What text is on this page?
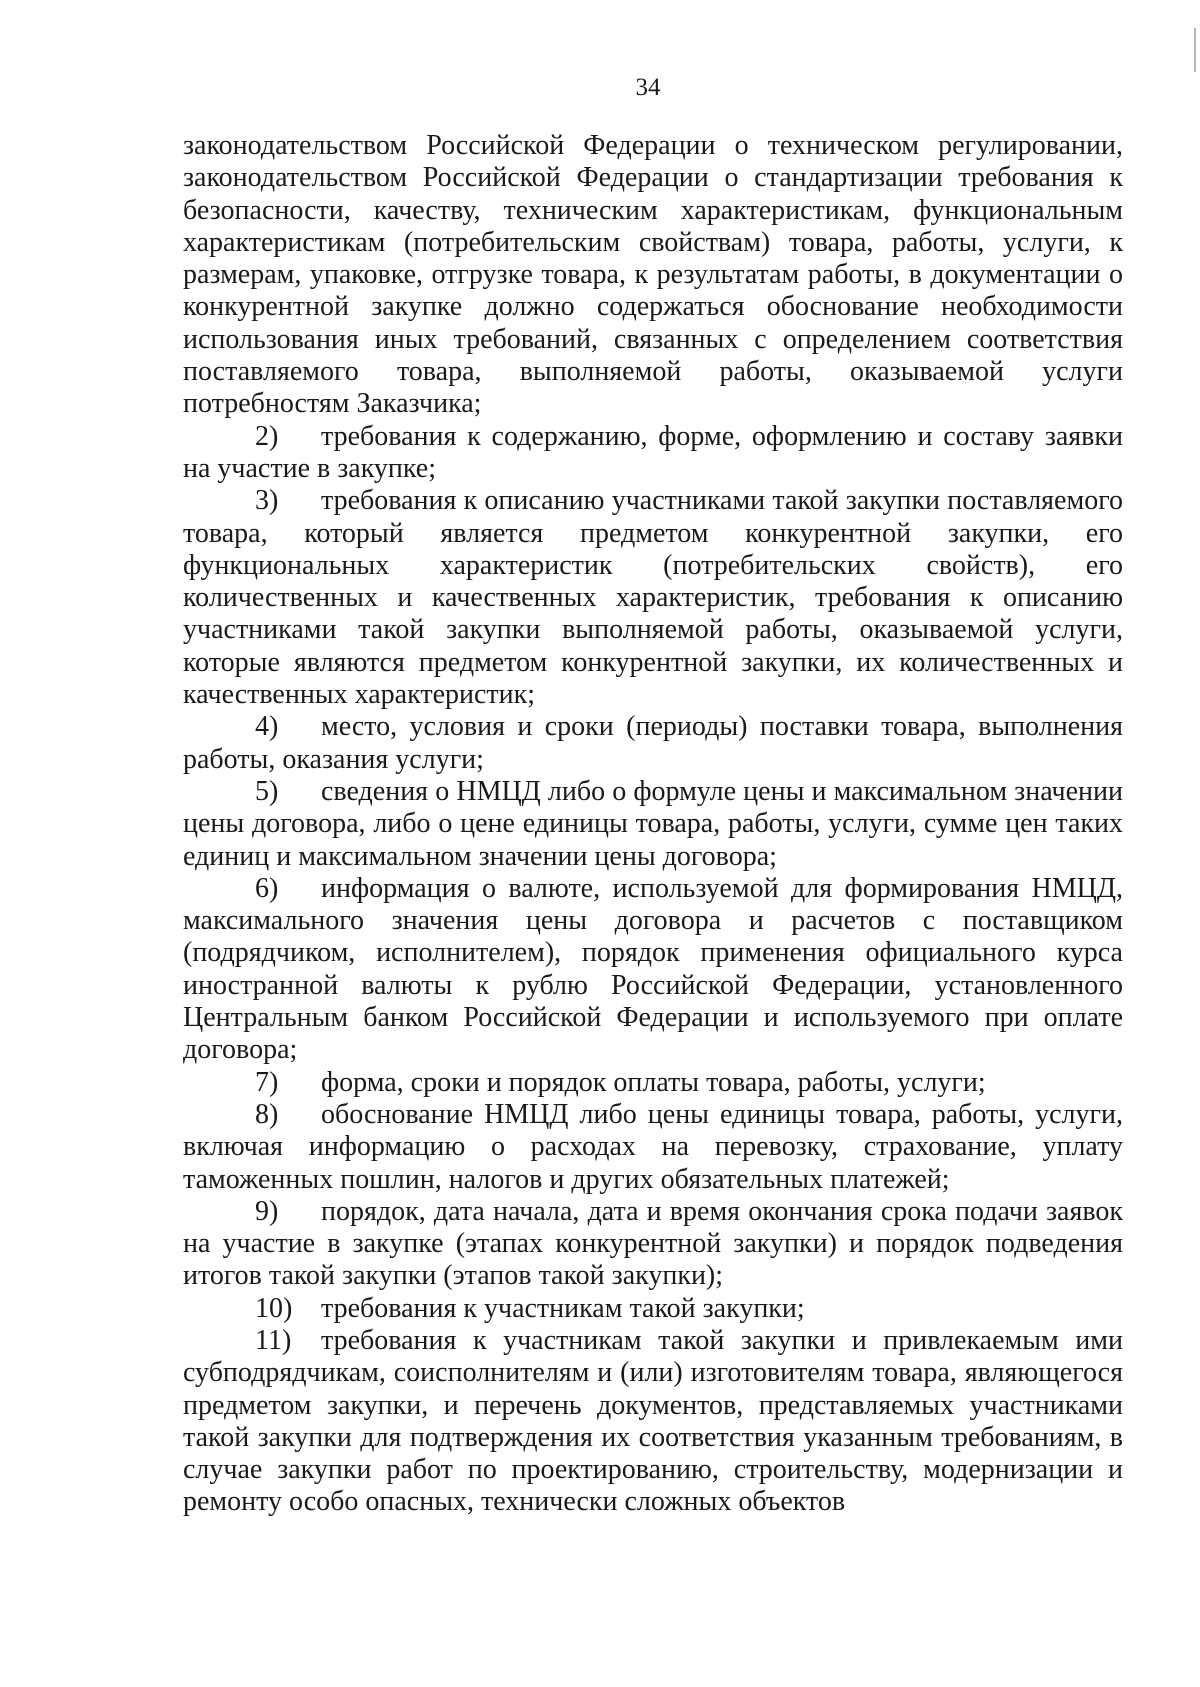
34

законодательством Российской Федерации о техническом регулировании, законодательством Российской Федерации о стандартизации требования к безопасности, качеству, техническим характеристикам, функциональным характеристикам (потребительским свойствам) товара, работы, услуги, к размерам, упаковке, отгрузке товара, к результатам работы, в документации о конкурентной закупке должно содержаться обоснование необходимости использования иных требований, связанных с определением соответствия поставляемого товара, выполняемой работы, оказываемой услуги потребностям Заказчика;

2) требования к содержанию, форме, оформлению и составу заявки на участие в закупке;

3) требования к описанию участниками такой закупки поставляемого товара, который является предметом конкурентной закупки, его функциональных характеристик (потребительских свойств), его количественных и качественных характеристик, требования к описанию участниками такой закупки выполняемой работы, оказываемой услуги, которые являются предметом конкурентной закупки, их количественных и качественных характеристик;

4) место, условия и сроки (периоды) поставки товара, выполнения работы, оказания услуги;

5) сведения о НМЦД либо о формуле цены и максимальном значении цены договора, либо о цене единицы товара, работы, услуги, сумме цен таких единиц и максимальном значении цены договора;

6) информация о валюте, используемой для формирования НМЦД, максимального значения цены договора и расчетов с поставщиком (подрядчиком, исполнителем), порядок применения официального курса иностранной валюты к рублю Российской Федерации, установленного Центральным банком Российской Федерации и используемого при оплате договора;

7) форма, сроки и порядок оплаты товара, работы, услуги;

8) обоснование НМЦД либо цены единицы товара, работы, услуги, включая информацию о расходах на перевозку, страхование, уплату таможенных пошлин, налогов и других обязательных платежей;

9) порядок, дата начала, дата и время окончания срока подачи заявок на участие в закупке (этапах конкурентной закупки) и порядок подведения итогов такой закупки (этапов такой закупки);

10) требования к участникам такой закупки;

11) требования к участникам такой закупки и привлекаемым ими субподрядчикам, соисполнителям и (или) изготовителям товара, являющегося предметом закупки, и перечень документов, представляемых участниками такой закупки для подтверждения их соответствия указанным требованиям, в случае закупки работ по проектированию, строительству, модернизации и ремонту особо опасных, технически сложных объектов
